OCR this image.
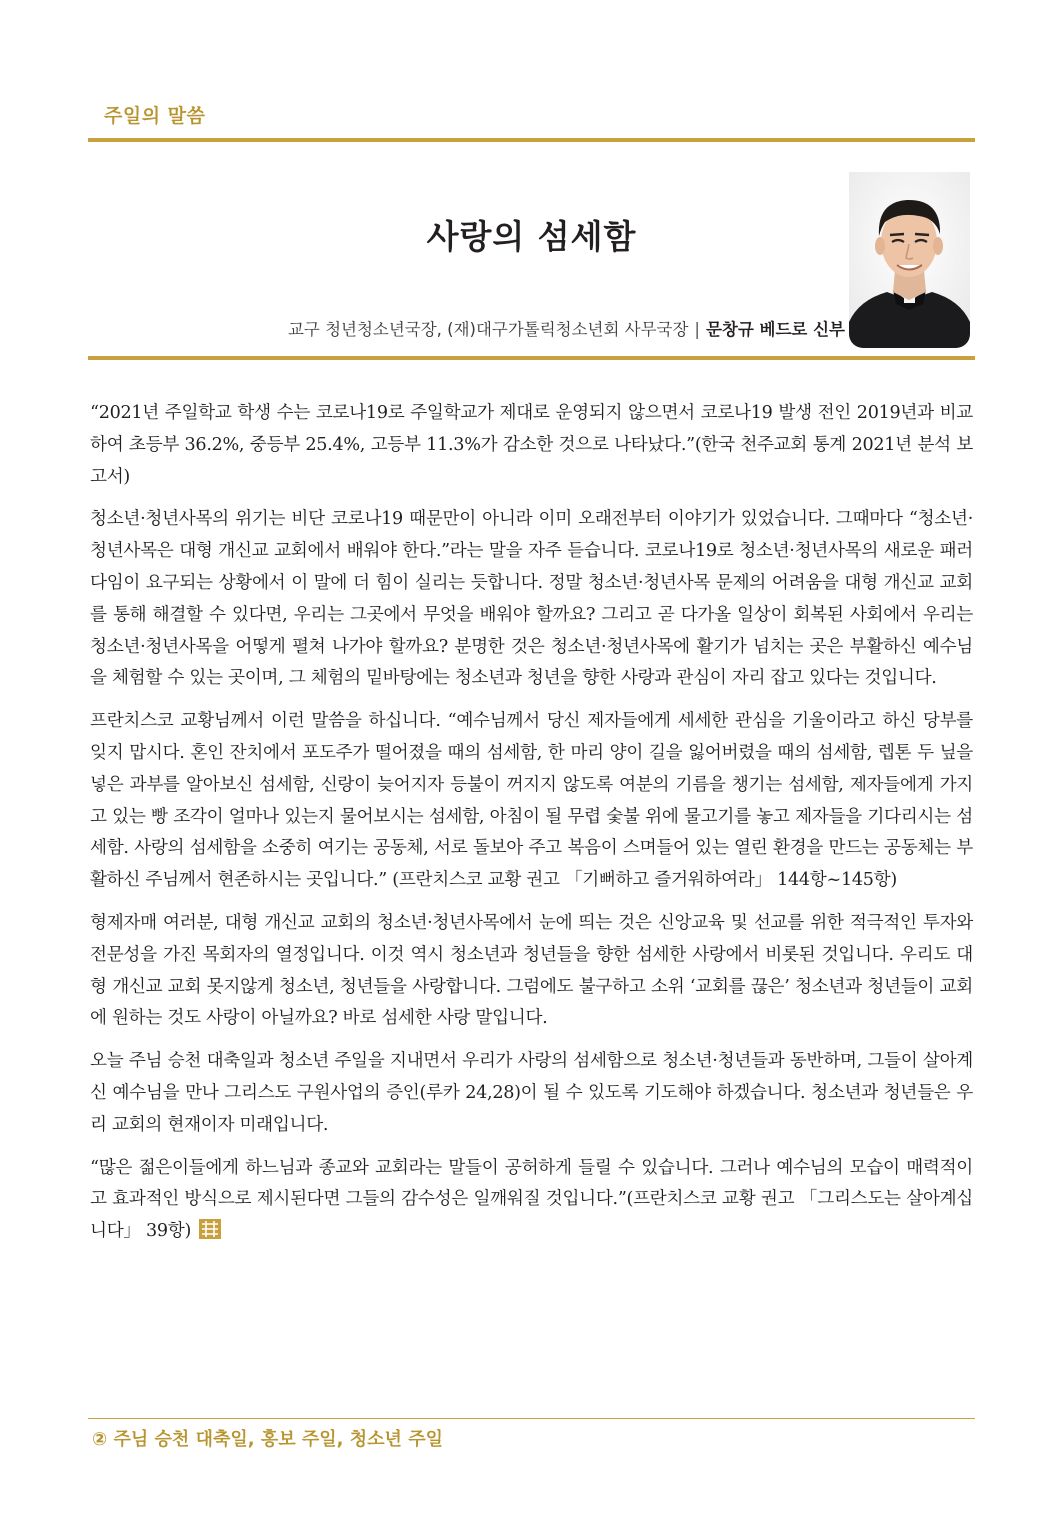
주일의 말씀
사랑의 섬세함
교구 청년청소년국장, (재)대구가톨릭청소년회 사무국장 | 문창규 베드로 신부

“2021년 주일학교 학생 수는 코로나19로 주일학교가 제대로 운영되지 않으면서 코로나19 발생 전인 2019년과 비교하여 초등부 36.2%, 중등부 25.4%, 고등부 11.3%가 감소한 것으로 나타났다.”(한국 천주교회 통계 2021년 분석 보고서)

청소년·청년사목의 위기는 비단 코로나19 때문만이 아니라 이미 오래전부터 이야기가 있었습니다. 그때마다 “청소년·청년사목은 대형 개신교 교회에서 배워야 한다.”라는 말을 자주 듣습니다. 코로나19로 청소년·청년사목의 새로운 패러다임이 요구되는 상황에서 이 말에 더 힘이 실리는 듯합니다. 정말 청소년·청년사목 문제의 어려움을 대형 개신교 교회를 통해 해결할 수 있다면, 우리는 그곳에서 무엇을 배워야 할까요? 그리고 곧 다가올 일상이 회복된 사회에서 우리는 청소년·청년사목을 어떻게 펼쳐 나가야 할까요? 분명한 것은 청소년·청년사목에 활기가 넘치는 곳은 부활하신 예수님을 체험할 수 있는 곳이며, 그 체험의 밑바탕에는 청소년과 청년을 향한 사랑과 관심이 자리 잡고 있다는 것입니다.

프란치스코 교황님께서 이런 말씀을 하십니다. “예수님께서 당신 제자들에게 세세한 관심을 기울이라고 하신 당부를 잊지 맙시다. 혼인 잔치에서 포도주가 떨어졌을 때의 섬세함, 한 마리 양이 길을 잃어버렸을 때의 섬세함, 렙톤 두 닢을 넣은 과부를 알아보신 섬세함, 신랑이 늦어지자 등불이 꺼지지 않도록 여분의 기름을 챙기는 섬세함, 제자들에게 가지고 있는 빵 조각이 얼마나 있는지 물어보시는 섬세함, 아침이 될 무렵 숯불 위에 물고기를 놓고 제자들을 기다리시는 섬세함. 사랑의 섬세함을 소중히 여기는 공동체, 서로 돌보아 주고 복음이 스며들어 있는 열린 환경을 만드는 공동체는 부활하신 주님께서 현존하시는 곳입니다.” (프란치스코 교황 권고 「기뻐하고 즐거워하여라」 144항~145항)

형제자매 여러분, 대형 개신교 교회의 청소년·청년사목에서 눈에 띄는 것은 신앙교육 및 선교를 위한 적극적인 투자와 전문성을 가진 목회자의 열정입니다. 이것 역시 청소년과 청년들을 향한 섬세한 사랑에서 비롯된 것입니다. 우리도 대형 개신교 교회 못지않게 청소년, 청년들을 사랑합니다. 그럼에도 불구하고 소위 ‘교회를 끊은’ 청소년과 청년들이 교회에 원하는 것도 사랑이 아닐까요? 바로 섬세한 사랑 말입니다.

오늘 주님 승천 대축일과 청소년 주일을 지내면서 우리가 사랑의 섬세함으로 청소년·청년들과 동반하며, 그들이 살아계신 예수님을 만나 그리스도 구원사업의 증인(루카 24,28)이 될 수 있도록 기도해야 하겠습니다. 청소년과 청년들은 우리 교회의 현재이자 미래입니다.

“많은 젊은이들에게 하느님과 종교와 교회라는 말들이 공허하게 들릴 수 있습니다. 그러나 예수님의 모습이 매력적이고 효과적인 방식으로 제시된다면 그들의 감수성은 일깨워질 것입니다.”(프란치스코 교황 권고 「그리스도는 살아계십니다」 39항)

② 주님 승천 대축일, 홍보 주일, 청소년 주일
